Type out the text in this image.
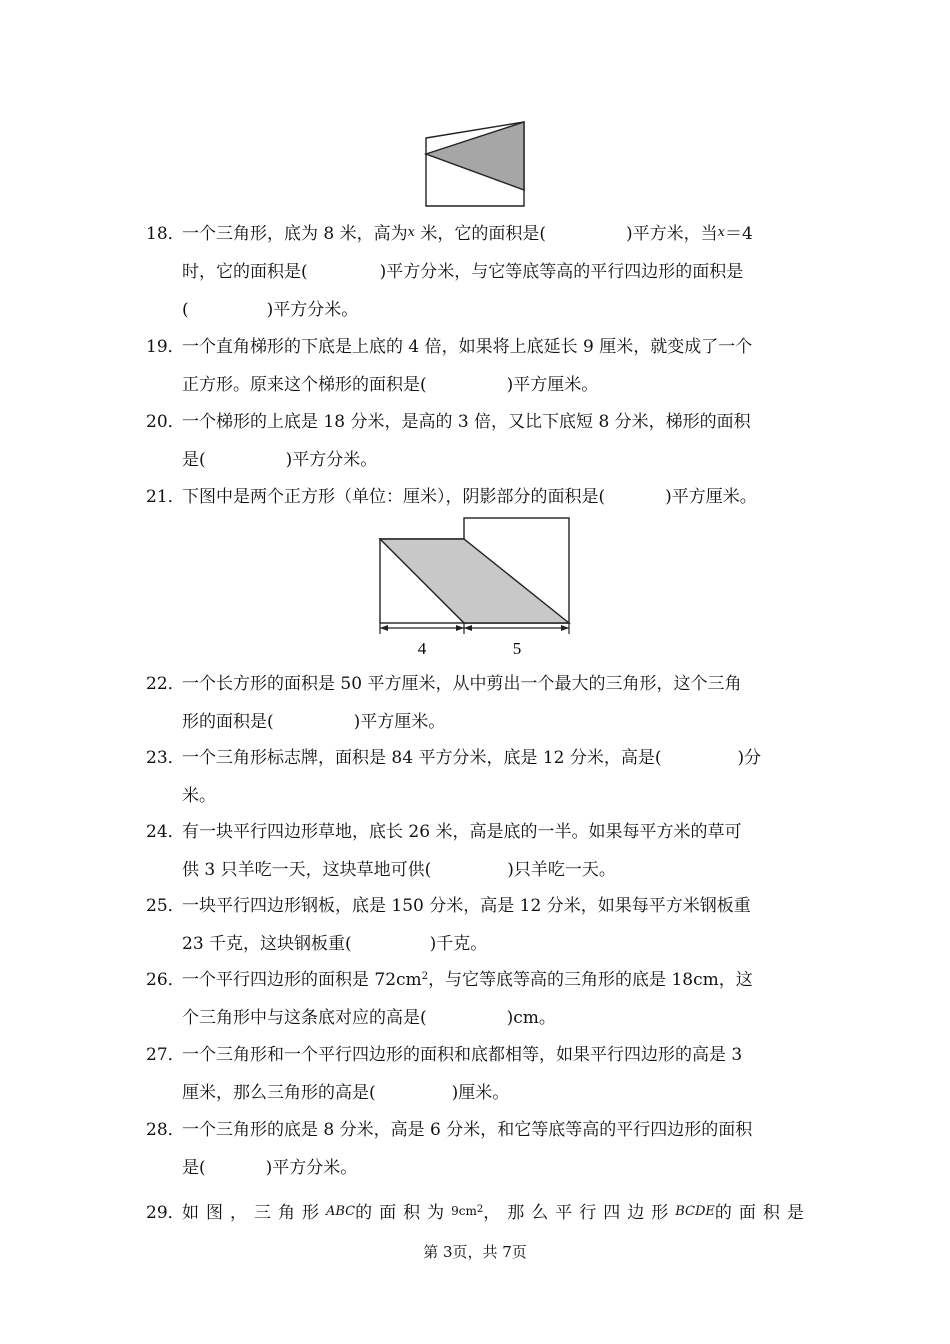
18．一个三角形，底为 8 米，高为x 米，它的面积是(	)平方米，当x＝4
时，它的面积是(	)平方分米，与它等底等高的平行四边形的面积是
(	)平方分米。
19．一个直角梯形的下底是上底的 4 倍，如果将上底延长 9 厘米，就变成了一个
正方形。原来这个梯形的面积是(	)平方厘米。
20．一个梯形的上底是 18 分米，是高的 3 倍，又比下底短 8 分米，梯形的面积
是(	)平方分米。
21．下图中是两个正方形（单位：厘米），阴影部分的面积是(	)平方厘米。
4	5
22．一个长方形的面积是 50 平方厘米，从中剪出一个最大的三角形，这个三角
形的面积是(	)平方厘米。
23．一个三角形标志牌，面积是 84 平方分米，底是 12 分米，高是(	)分
米。
24．有一块平行四边形草地，底长 26 米，高是底的一半。如果每平方米的草可
供 3 只羊吃一天，这块草地可供(	)只羊吃一天。
25．一块平行四边形钢板，底是 150 分米，高是 12 分米，如果每平方米钢板重
23 千克，这块钢板重(	)千克。
26．一个平行四边形的面积是 $72cm^2$，与它等底等高的三角形的底是 18cm，这
个三角形中与这条底对应的高是(	)cm。
27．一个三角形和一个平行四边形的面积和底都相等，如果平行四边形的高是 3
厘米，那么三角形的高是(	)厘米。
28．一个三角形的底是 8 分米，高是 6 分米，和它等底等高的平行四边形的面积
是(	)平方分米。
29．如图，三角形ABC的面积为$9cm^2$，那么平行四边形BCDE的面积是
第 3页，共 7页
